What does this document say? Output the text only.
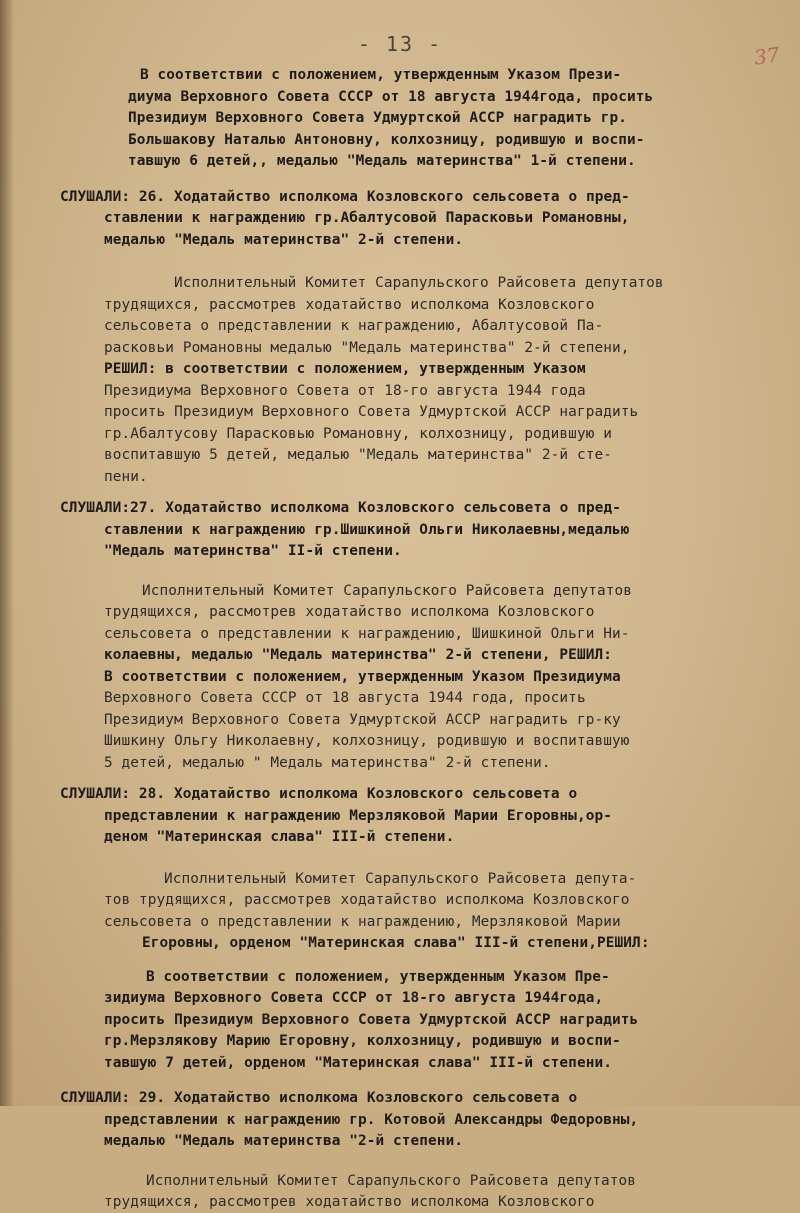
- 13 -	37
В соответствии с положением, утвержденным Указом Прези-
диума Верховного Совета СССР от 18 августа 1944года, просить
Президиум Верховного Совета Удмуртской АССР наградить гр.
Большакову Наталью Антоновну, колхозницу, родившую и воспи-
тавшую 6 детей,, медалью "Медаль материнства" 1-й степени.
СЛУШАЛИ: 26. Ходатайство исполкома Козловского сельсовета о пред-
ставлении к награждению гр.Абалтусовой Парасковьи Романовны,
медалью "Медаль материнства" 2-й степени.
Исполнительный Комитет Сарапульского Райсовета депутатов
трудящихся, рассмотрев ходатайство исполкома Козловского
сельсовета о представлении к награждению, Абалтусовой Па-
расковьи Романовны медалью "Медаль материнства" 2-й степени,
РЕШИЛ: в соответствии с положением, утвержденным Указом
Президиума Верховного Совета от 18-го августа 1944 года
просить Президиум Верховного Совета Удмуртской АССР наградить
гр.Абалтусову Парасковью Романовну, колхозницу, родившую и
воспитавшую 5 детей, медалью "Медаль материнства" 2-й сте-
пени.
СЛУШАЛИ:27. Ходатайство исполкома Козловского сельсовета о пред-
ставлении к награждению гр.Шишкиной Ольги Николаевны,медалью
"Медаль материнства" II-й степени.
Исполнительный Комитет Сарапульского Райсовета депутатов
трудящихся, рассмотрев ходатайство исполкома Козловского
сельсовета о представлении к награждению, Шишкиной Ольги Ни-
колаевны, медалью "Медаль материнства" 2-й степени, РЕШИЛ:
В соответствии с положением, утвержденным Указом Президиума
Верховного Совета СССР от 18 августа 1944 года, просить
Президиум Верховного Совета Удмуртской АССР наградить гр-ку
Шишкину Ольгу Николаевну, колхозницу, родившую и воспитавшую
5 детей, медалью " Медаль материнства" 2-й степени.
СЛУШАЛИ: 28. Ходатайство исполкома Козловского сельсовета о
представлении к награждению Мерзляковой Марии Егоровны,ор-
деном "Материнская слава" III-й степени.
Исполнительный Комитет Сарапульского Райсовета депута-
тов трудящихся, рассмотрев ходатайство исполкома Козловского
сельсовета о представлении к награждению, Мерзляковой Марии
Егоровны, орденом "Материнская слава" III-й степени,РЕШИЛ:
В соответствии с положением, утвержденным Указом Пре-
зидиума Верховного Совета СССР от 18-го августа 1944года,
просить Президиум Верховного Совета Удмуртской АССР наградить
гр.Мерзлякову Марию Егоровну, колхозницу, родившую и воспи-
тавшую 7 детей, орденом "Материнская слава" III-й степени.
СЛУШАЛИ: 29. Ходатайство исполкома Козловского сельсовета о
представлении к награждению гр. Котовой Александры Федоровны,
медалью "Медаль материнства "2-й степени.
Исполнительный Комитет Сарапульского Райсовета депутатов
трудящихся, рассмотрев ходатайство исполкома Козловского
